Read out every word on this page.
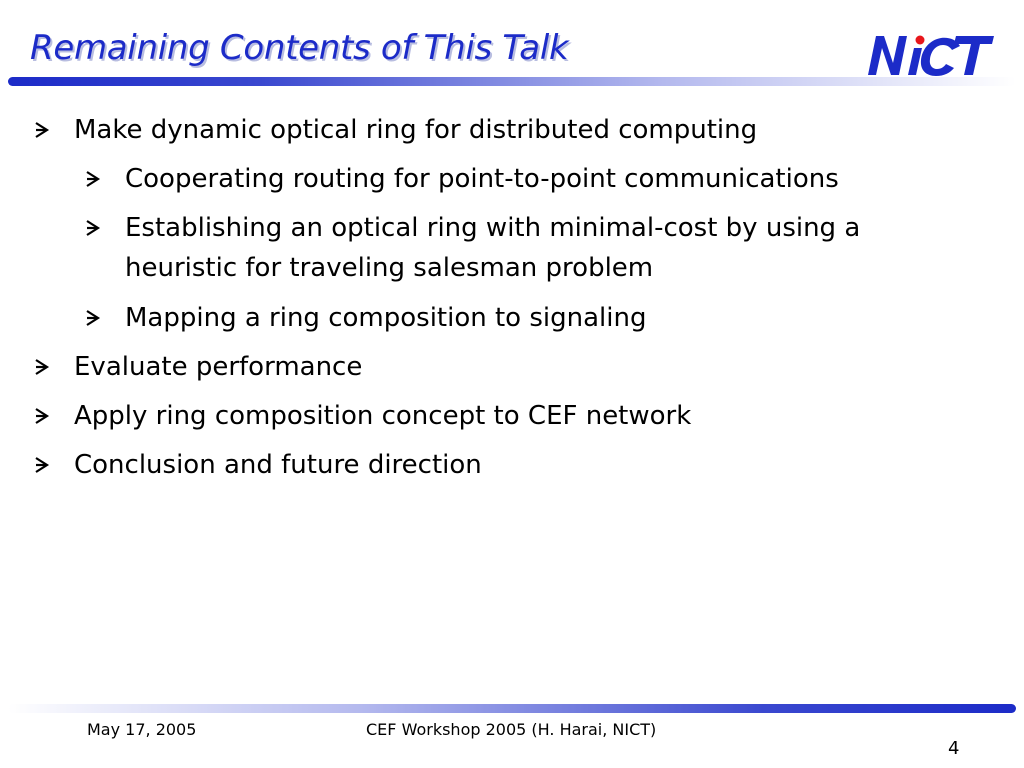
Remaining Contents of This Talk
Make dynamic optical ring for distributed computing
Cooperating routing for point-to-point communications
Establishing an optical ring with minimal-cost by using a
heuristic for traveling salesman problem
Mapping a ring composition to signaling
Evaluate performance
Apply ring composition concept to CEF network
Conclusion and future direction
May 17, 2005	CEF Workshop 2005 (H. Harai, NICT)
4
